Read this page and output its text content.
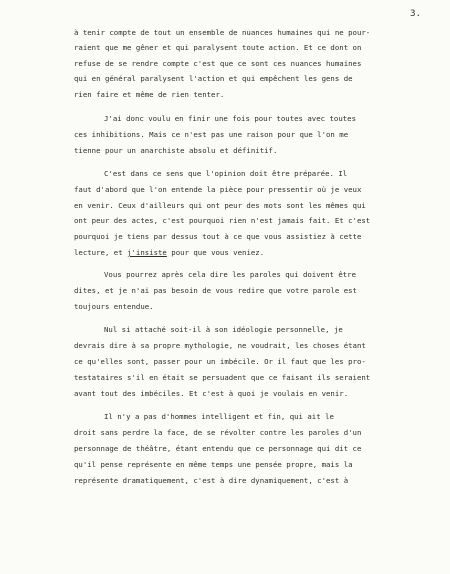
3.
à tenir compte de tout un ensemble de nuances humaines qui ne pour-
raient que me gêner et qui paralysent toute action. Et ce dont on
refuse de se rendre compte c'est que ce sont ces nuances humaines
qui en général paralysent l'action et qui empêchent les gens de
rien faire et même de rien tenter.
J'ai donc voulu en finir une fois pour toutes avec toutes
ces inhibitions. Mais ce n'est pas une raison pour que l'on me
tienne pour un anarchiste absolu et définitif.
C'est dans ce sens que l'opinion doit être préparée. Il
faut d'abord que l'on entende la pièce pour pressentir où je veux
en venir. Ceux d'ailleurs qui ont peur des mots sont les mêmes qui
ont peur des actes, c'est pourquoi rien n'est jamais fait. Et c'est
pourquoi je tiens par dessus tout à ce que vous assistiez à cette
lecture, et j'insiste pour que vous veniez.
Vous pourrez après cela dire les paroles qui doivent être
dites, et je n'ai pas besoin de vous redire que votre parole est
toujours entendue.
Nul si attaché soit-il à son idéologie personnelle, je
devrais dire à sa propre mythologie, ne voudrait, les choses étant
ce qu'elles sont, passer pour un imbécile. Or il faut que les pro-
testataires s'il en était se persuadent que ce faisant ils seraient
avant tout des imbéciles. Et c'est à quoi je voulais en venir.
Il n'y a pas d'hommes intelligent et fin, qui ait le
droit sans perdre la face, de se révolter contre les paroles d'un
personnage de théâtre, étant entendu que ce personnage qui dit ce
qu'il pense représente en même temps une pensée propre, mais la
représente dramatiquement, c'est à dire dynamiquement, c'est à
